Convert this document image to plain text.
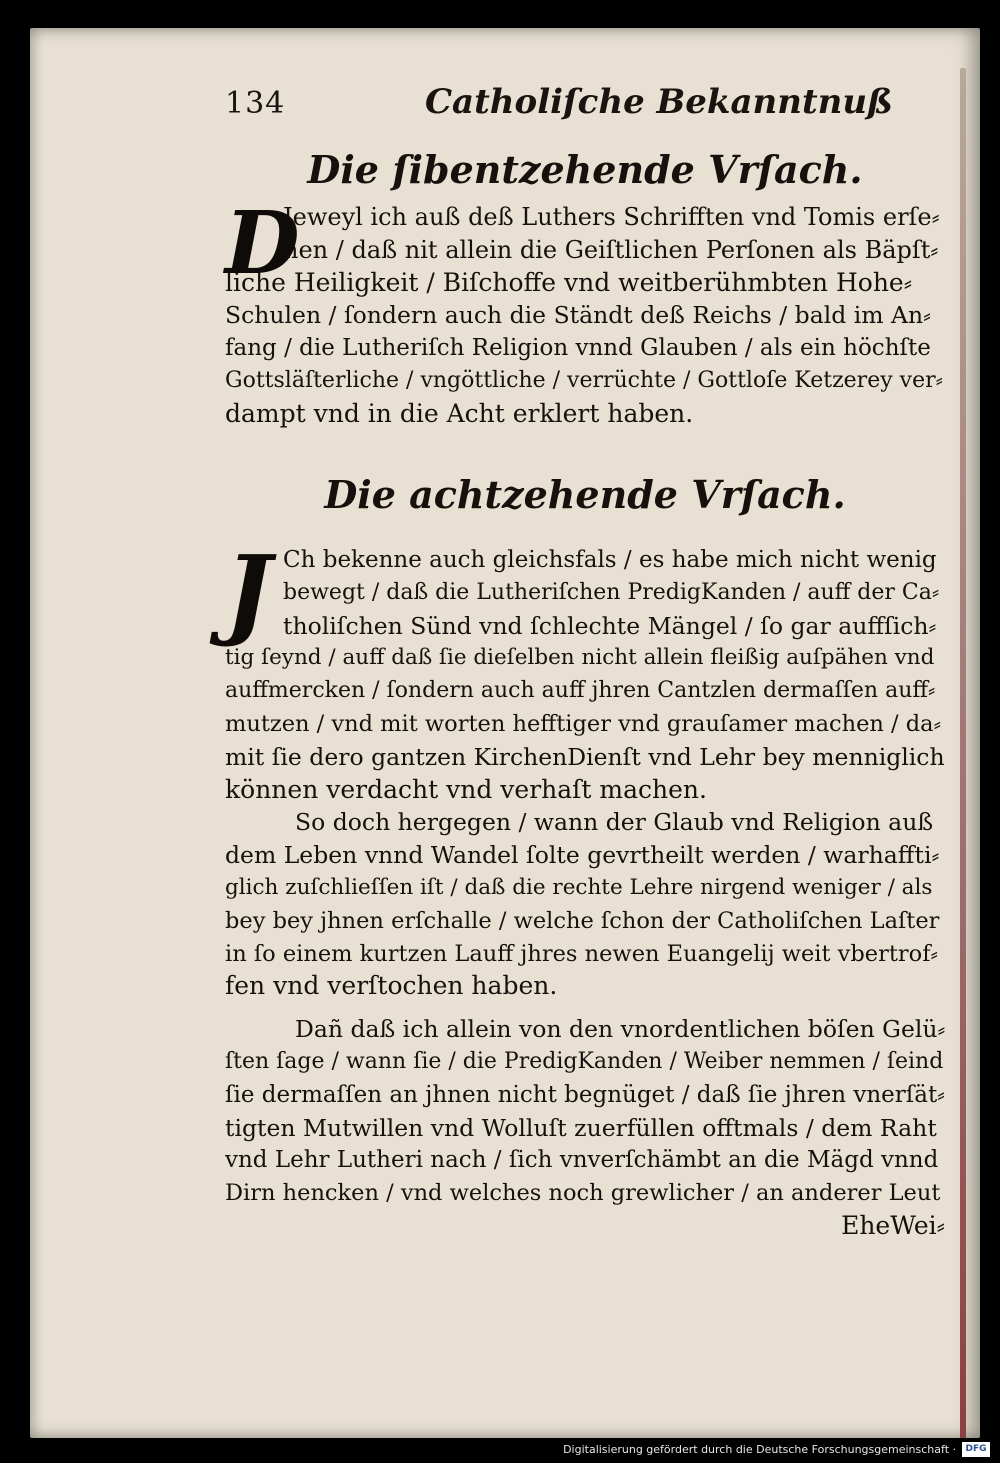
134	Catholiſche Bekanntnuß
Die ſibentzehende Vrſach.
D
Jeweyl ich auß deß Luthers Schrifften vnd Tomis erſe⸗
hen / daß nit allein die Geiſtlichen Perſonen als Bäpſt⸗
liche Heiligkeit / Biſchoffe vnd weitberühmbten Hohe⸗
Schulen / ſondern auch die Ständt deß Reichs / bald im An⸗
fang / die Lutheriſch Religion vnnd Glauben / als ein höchſte
Gottsläſterliche / vngöttliche / verrüchte / Gottloſe Ketzerey ver⸗
dampt vnd in die Acht erklert haben.
Die achtzehende Vrſach.
J Ch bekenne auch gleichsfals / es habe mich nicht wenig
bewegt / daß die Lutheriſchen PredigKanden / auff der Ca⸗
tholiſchen Sünd vnd ſchlechte Mängel / ſo gar auffſich⸗
tig ſeynd / auff daß ſie dieſelben nicht allein fleißig auſpähen vnd
auffmercken / ſondern auch auff jhren Cantzlen dermaſſen auff⸗
mutzen / vnd mit worten hefftiger vnd grauſamer machen / da⸗
mit ſie dero gantzen KirchenDienſt vnd Lehr bey menniglich
können verdacht vnd verhaſt machen.
So doch hergegen / wann der Glaub vnd Religion auß
dem Leben vnnd Wandel ſolte gevrtheilt werden / warhaffti⸗
glich zuſchlieſſen iſt / daß die rechte Lehre nirgend weniger / als
bey bey jhnen erſchalle / welche ſchon der Catholiſchen Laſter
in ſo einem kurtzen Lauff jhres newen Euangelij weit vbertrof⸗
fen vnd verſtochen haben.
Dañ daß ich allein von den vnordentlichen böſen Gelü⸗
ſten ſage / wann ſie / die PredigKanden / Weiber nemmen / ſeind
ſie dermaſſen an jhnen nicht begnüget / daß ſie jhren vnerſät⸗
tigten Mutwillen vnd Wolluſt zuerfüllen offtmals / dem Raht
vnd Lehr Lutheri nach / ſich vnverſchämbt an die Mägd vnnd
Dirn hencken / vnd welches noch grewlicher / an anderer Leut
EheWei⸗
Digitalisierung gefördert durch die Deutsche Forschungsgemeinschaft ·	DFG
